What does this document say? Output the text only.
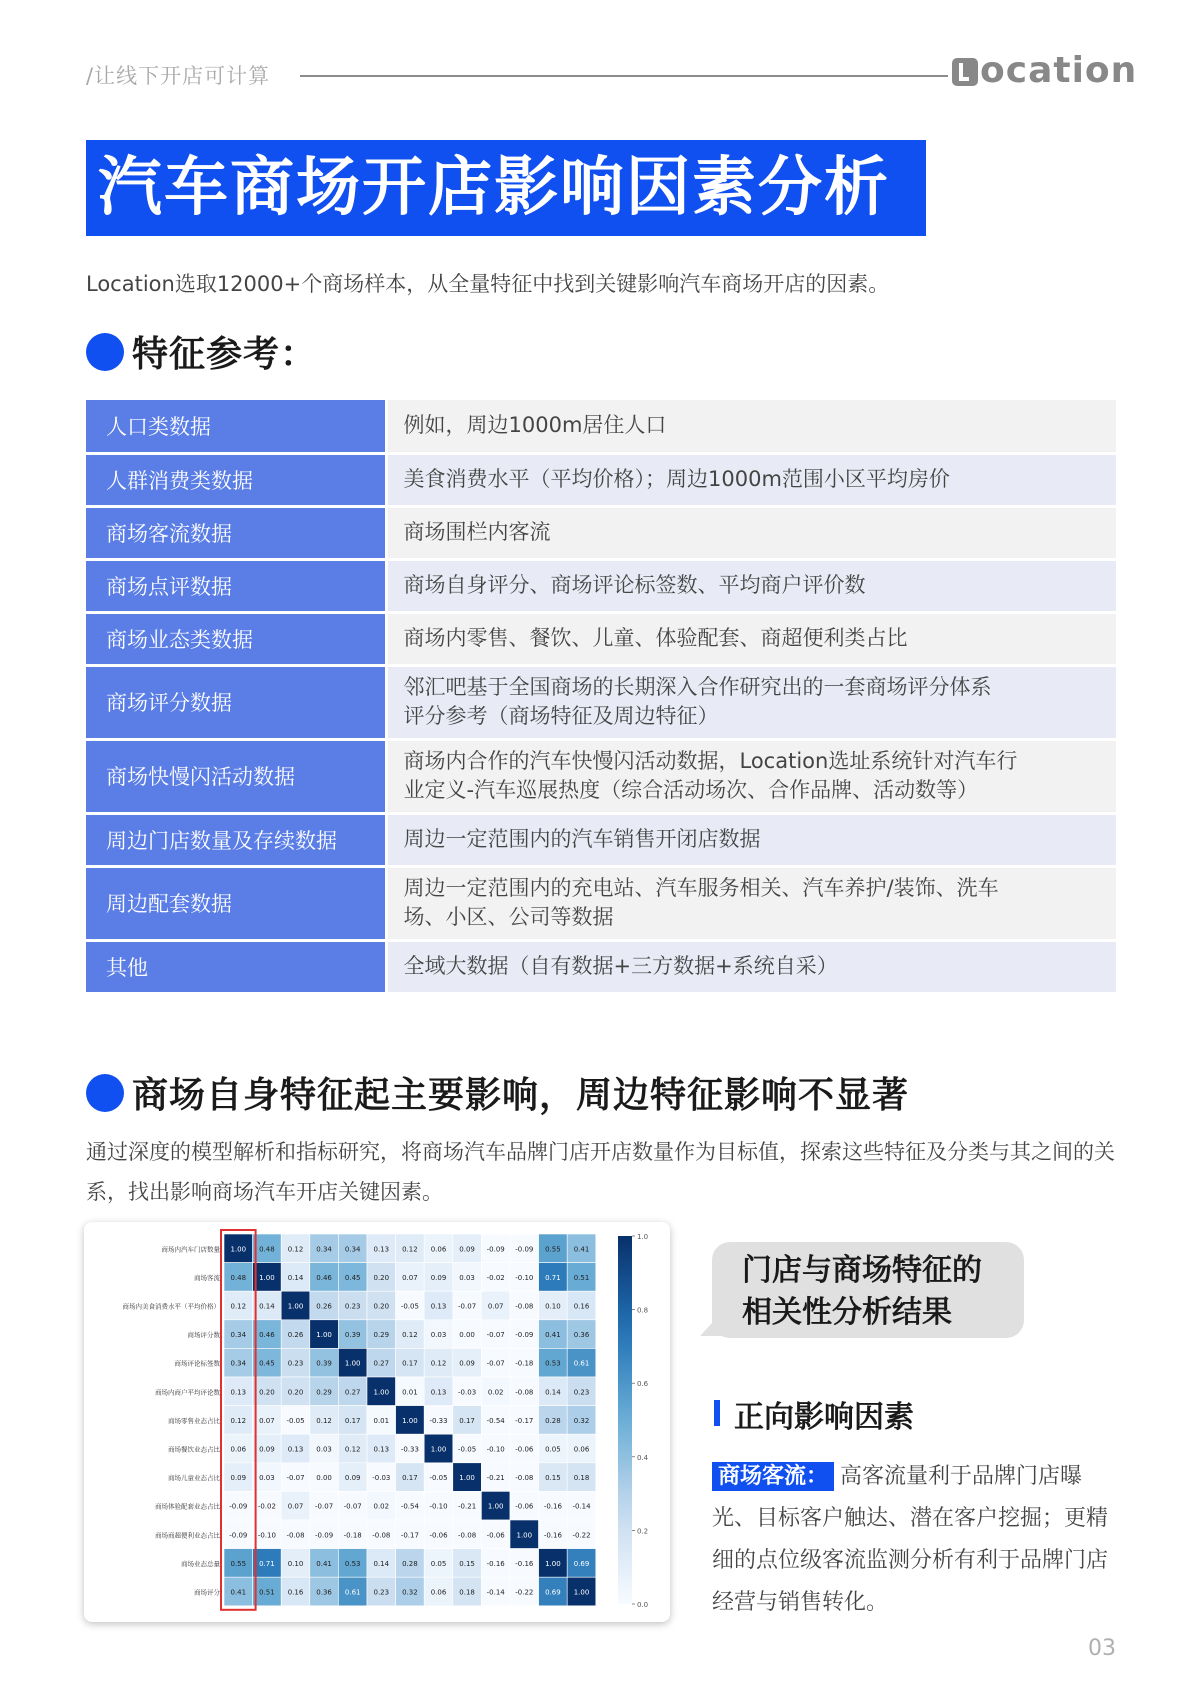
/让线下开店可计算	ocation
汽车商场开店影响因素分析
Location选取12000+个商场样本，从全量特征中找到关键影响汽车商场开店的因素。
特征参考：
人口类数据	例如，周边1000m居住人口

人群消费类数据	美食消费水平（平均价格）；周边1000m范围小区平均房价

商场客流数据	商场围栏内客流

商场点评数据	商场自身评分、商场评论标签数、平均商户评价数

商场业态类数据	商场内零售、餐饮、儿童、体验配套、商超便利类占比

商场评分数据	邻汇吧基于全国商场的长期深入合作研究出的一套商场评分体系
评分参考（商场特征及周边特征）

商场快慢闪活动数据	商场内合作的汽车快慢闪活动数据，Location选址系统针对汽车行
业定义-汽车巡展热度（综合活动场次、合作品牌、活动数等）

周边门店数量及存续数据	周边一定范围内的汽车销售开闭店数据

周边配套数据	周边一定范围内的充电站、汽车服务相关、汽车养护/装饰、洗车
场、小区、公司等数据

其他	全域大数据（自有数据+三方数据+系统自采）
商场自身特征起主要影响，周边特征影响不显著
通过深度的模型解析和指标研究，将商场汽车品牌门店开店数量作为目标值，探索这些特征及分类与其之间的关系，找出影响商场汽车开店关键因素。
1.00 0.48 0.12 0.34 0.34 0.13 0.12 0.06 0.09 -0.09 -0.09 0.55 0.41
商场内汽车门店数量
0.48 1.00 0.14 0.46 0.45 0.20 0.07 0.09 0.03 -0.02 -0.10 0.71 0.51
商场客流
0.12 0.14 1.00 0.26 0.23 0.20 -0.05 0.13 -0.07 0.07 -0.08 0.10 0.16
商场内美食消费水平（平均价格）
0.34 0.46 0.26 1.00 0.39 0.29 0.12 0.03 0.00 -0.07 -0.09 0.41 0.36
商场评分数
0.34 0.45 0.23 0.39 1.00 0.27 0.17 0.12 0.09 -0.07 -0.18 0.53 0.61
商场评论标签数
0.13 0.20 0.20 0.29 0.27 1.00 0.01 0.13 -0.03 0.02 -0.08 0.14 0.23
商场内商户平均评论数
0.12 0.07 -0.05 0.12 0.17 0.01 1.00 -0.33 0.17 -0.54 -0.17 0.28 0.32
商场零售业态占比
0.06 0.09 0.13 0.03 0.12 0.13 -0.33 1.00 -0.05 -0.10 -0.06 0.05 0.06
商场餐饮业态占比
0.09 0.03 -0.07 0.00 0.09 -0.03 0.17 -0.05 1.00 -0.21 -0.08 0.15 0.18
商场儿童业态占比
-0.09 -0.02 0.07 -0.07 -0.07 0.02 -0.54 -0.10 -0.21 1.00 -0.06 -0.16 -0.14
商场体验配套业态占比
-0.09 -0.10 -0.08 -0.09 -0.18 -0.08 -0.17 -0.06 -0.08 -0.06 1.00 -0.16 -0.22
商场商超便利业态占比
0.55 0.71 0.10 0.41 0.53 0.14 0.28 0.05 0.15 -0.16 -0.16 1.00 0.69
商场业态总量
0.41 0.51 0.16 0.36 0.61 0.23 0.32 0.06 0.18 -0.14 -0.22 0.69 1.00
商场评分
1.0
0.8
0.6
0.4
0.2
0.0
门店与商场特征的
相关性分析结果
正向影响因素
商场客流： 高客流量利于品牌门店曝光、目标客户触达、潜在客户挖掘；更精细的点位级客流监测分析有利于品牌门店经营与销售转化。
03
